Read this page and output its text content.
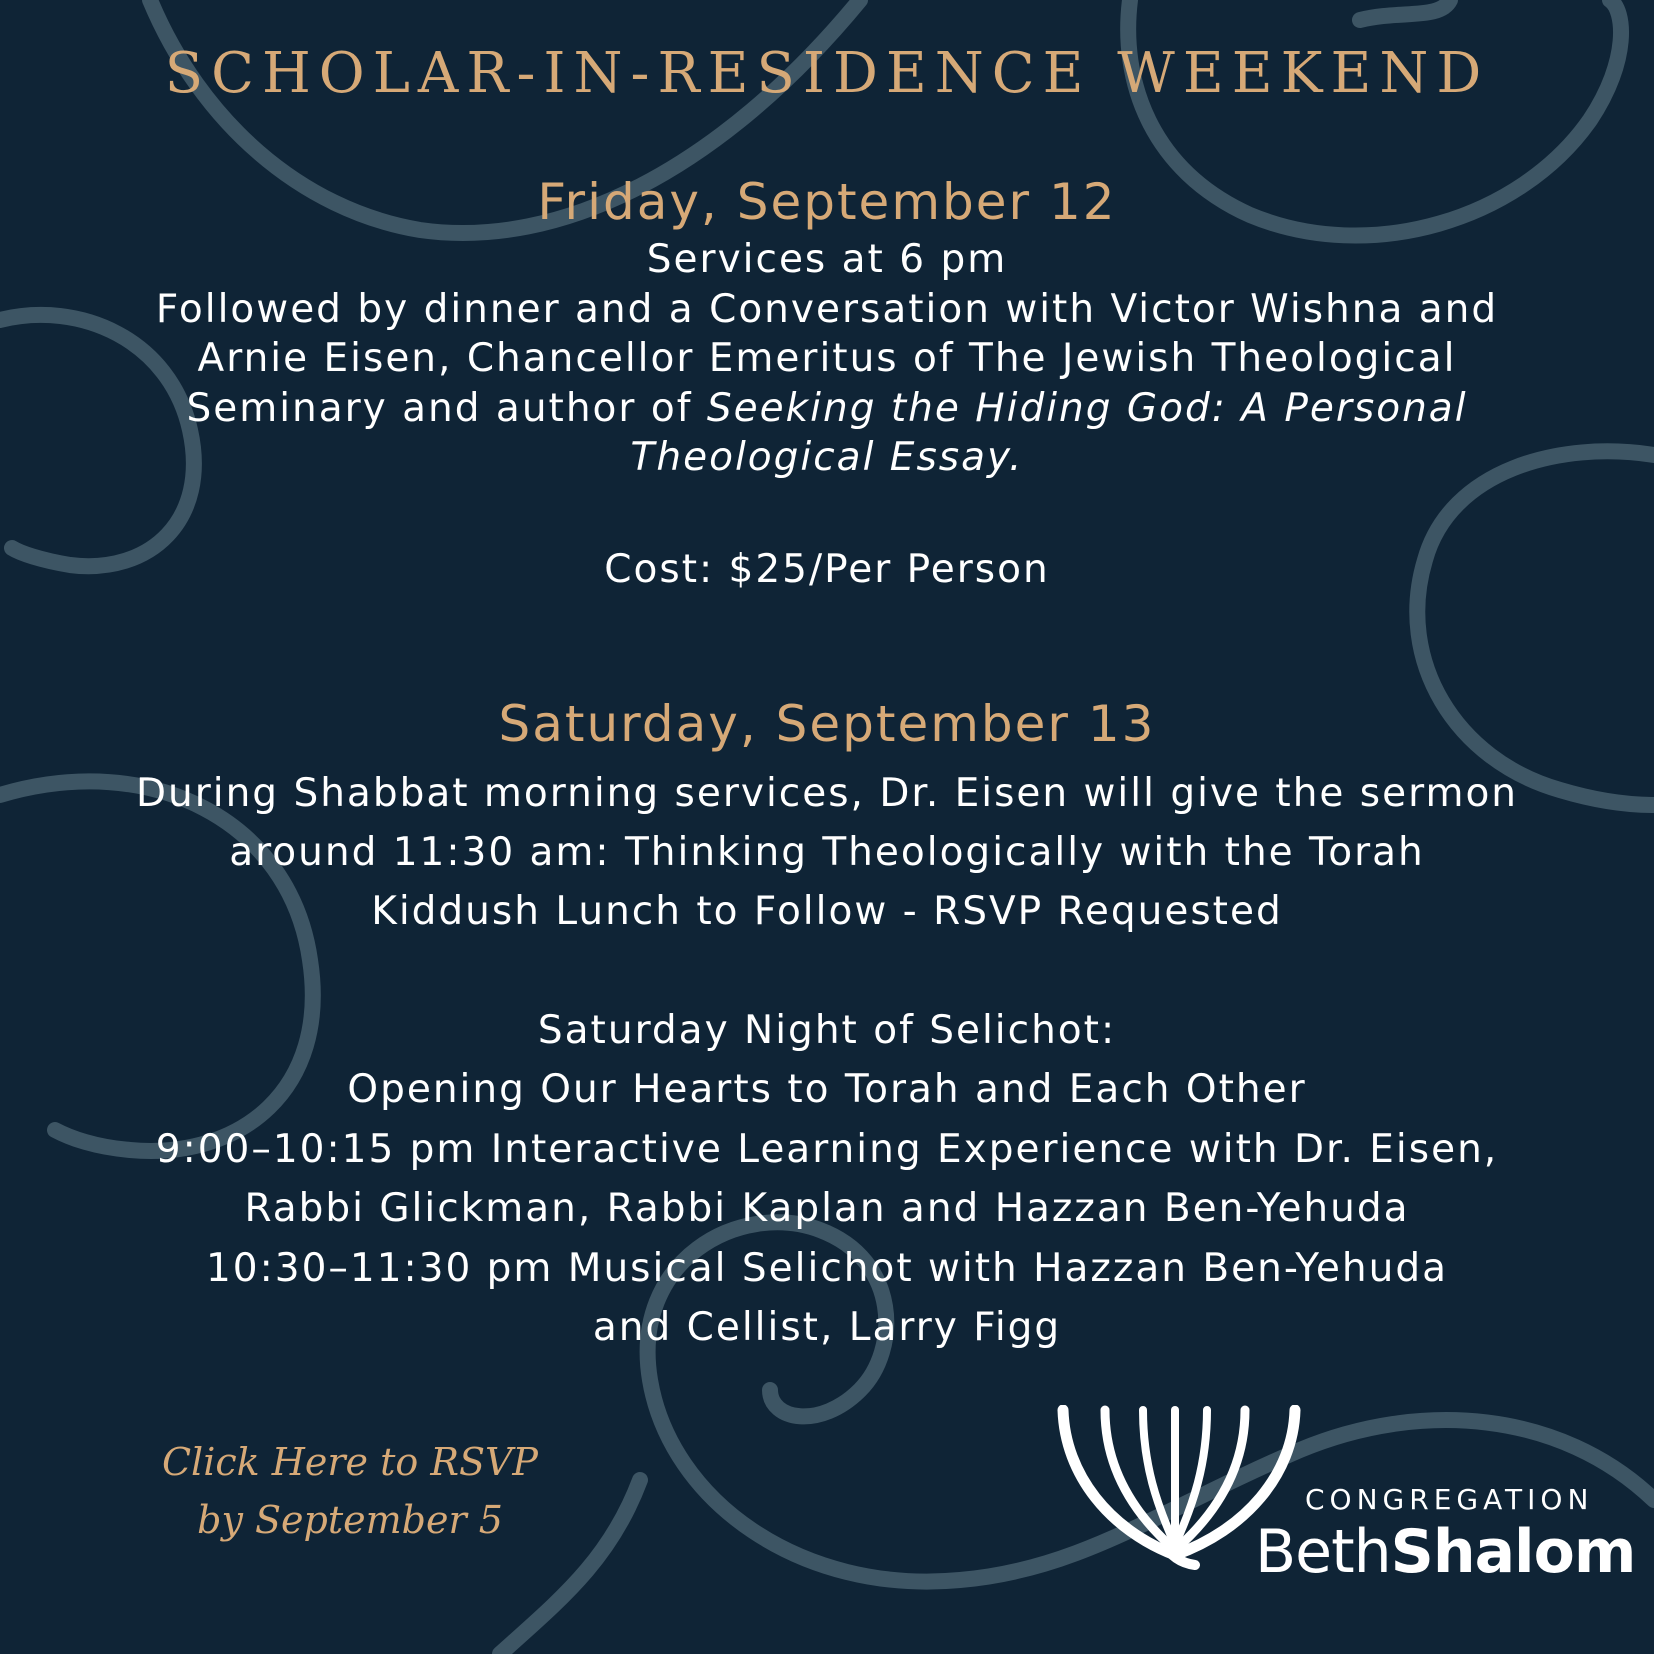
SCHOLAR-IN-RESIDENCE WEEKEND
Friday, September 12
Services at 6 pm
Followed by dinner and a Conversation with Victor Wishna and
Arnie Eisen, Chancellor Emeritus of The Jewish Theological
Seminary and author of Seeking the Hiding God: A Personal
Theological Essay.
Cost: $25/Per Person
Saturday, September 13
During Shabbat morning services, Dr. Eisen will give the sermon
around 11:30 am: Thinking Theologically with the Torah
Kiddush Lunch to Follow - RSVP Requested
Saturday Night of Selichot:
Opening Our Hearts to Torah and Each Other
9:00–10:15 pm Interactive Learning Experience with Dr. Eisen,
Rabbi Glickman, Rabbi Kaplan and Hazzan Ben-Yehuda
10:30–11:30 pm Musical Selichot with Hazzan Ben-Yehuda
and Cellist, Larry Figg
Click Here to RSVP
by September 5	CONGREGATION
BethShalom
